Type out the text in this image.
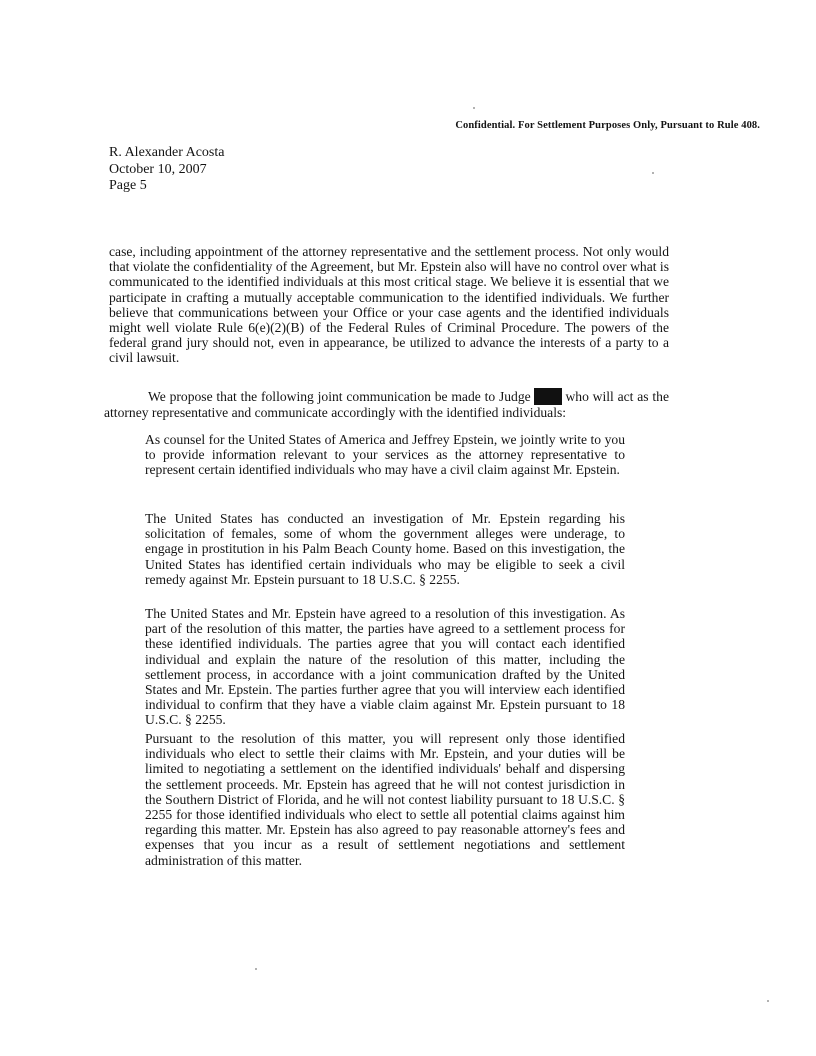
Confidential. For Settlement Purposes Only, Pursuant to Rule 408.
R. Alexander Acosta
October 10, 2007
Page 5

case, including appointment of the attorney representative and the settlement process. Not only would that violate the confidentiality of the Agreement, but Mr. Epstein also will have no control over what is communicated to the identified individuals at this most critical stage. We believe it is essential that we participate in crafting a mutually acceptable communication to the identified individuals. We further believe that communications between your Office or your case agents and the identified individuals might well violate Rule 6(e)(2)(B) of the Federal Rules of Criminal Procedure. The powers of the federal grand jury should not, even in appearance, be utilized to advance the interests of a party to a civil lawsuit.

We propose that the following joint communication be made to Judge	who will act as the attorney representative and communicate accordingly with the identified individuals:

As counsel for the United States of America and Jeffrey Epstein, we jointly write to you to provide information relevant to your services as the attorney representative to represent certain identified individuals who may have a civil claim against Mr. Epstein.

The United States has conducted an investigation of Mr. Epstein regarding his solicitation of females, some of whom the government alleges were underage, to engage in prostitution in his Palm Beach County home. Based on this investigation, the United States has identified certain individuals who may be eligible to seek a civil remedy against Mr. Epstein pursuant to 18 U.S.C. § 2255.

The United States and Mr. Epstein have agreed to a resolution of this investigation. As part of the resolution of this matter, the parties have agreed to a settlement process for these identified individuals. The parties agree that you will contact each identified individual and explain the nature of the resolution of this matter, including the settlement process, in accordance with a joint communication drafted by the United States and Mr. Epstein. The parties further agree that you will interview each identified individual to confirm that they have a viable claim against Mr. Epstein pursuant to 18 U.S.C. § 2255.

Pursuant to the resolution of this matter, you will represent only those identified individuals who elect to settle their claims with Mr. Epstein, and your duties will be limited to negotiating a settlement on the identified individuals' behalf and dispersing the settlement proceeds. Mr. Epstein has agreed that he will not contest jurisdiction in the Southern District of Florida, and he will not contest liability pursuant to 18 U.S.C. § 2255 for those identified individuals who elect to settle all potential claims against him regarding this matter. Mr. Epstein has also agreed to pay reasonable attorney's fees and expenses that you incur as a result of settlement negotiations and settlement administration of this matter.
